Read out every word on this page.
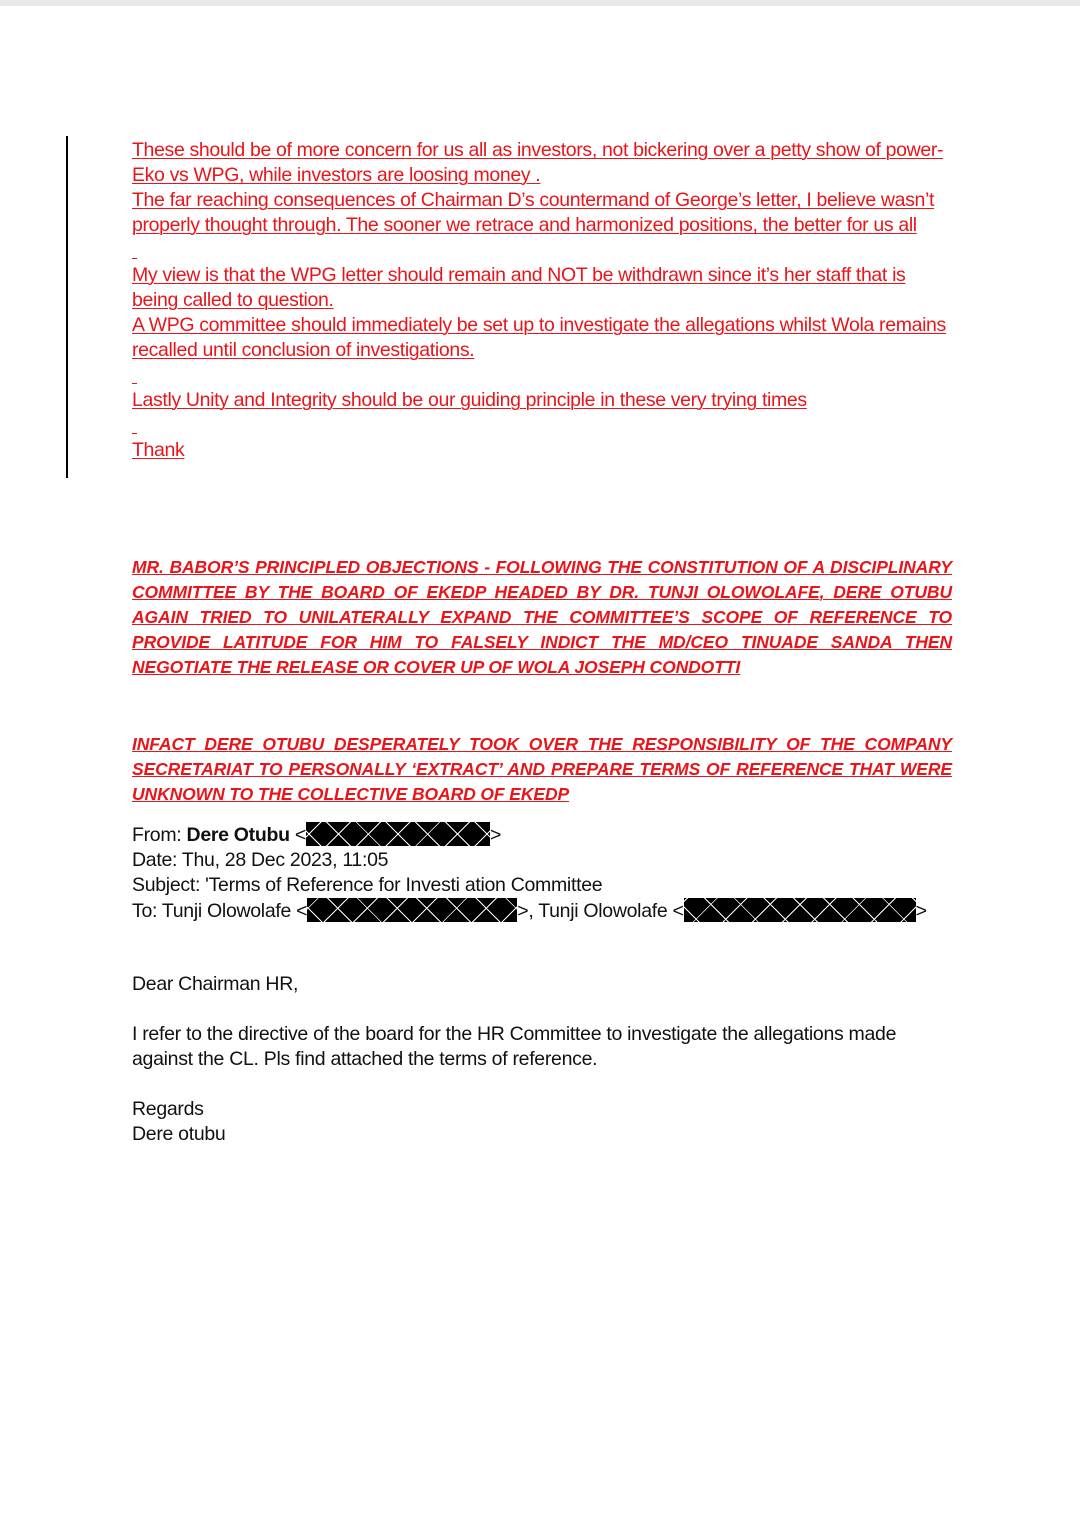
These should be of more concern for us all as investors, not bickering over a petty show of power-Eko vs WPG, while investors are loosing money .

The far reaching consequences of Chairman D’s countermand of George’s letter, I believe wasn’t properly thought through. The sooner we retrace and harmonized positions, the better for us all

My view is that the WPG letter should remain and NOT be withdrawn since it’s her staff that is being called to question.

A WPG committee should immediately be set up to investigate the allegations whilst Wola remains recalled until conclusion of investigations.

Lastly Unity and Integrity should be our guiding principle in these very trying times

Thank

MR. BABOR’S PRINCIPLED OBJECTIONS - FOLLOWING THE CONSTITUTION OF A DISCIPLINARY COMMITTEE BY THE BOARD OF EKEDP HEADED BY DR. TUNJI OLOWOLAFE, DERE OTUBU AGAIN TRIED TO UNILATERALLY EXPAND THE COMMITTEE’S SCOPE OF REFERENCE TO PROVIDE LATITUDE FOR HIM TO FALSELY INDICT THE MD/CEO TINUADE SANDA THEN NEGOTIATE THE RELEASE OR COVER UP OF WOLA JOSEPH CONDOTTI

INFACT DERE OTUBU DESPERATELY TOOK OVER THE RESPONSIBILITY OF THE COMPANY SECRETARIAT TO PERSONALLY ‘EXTRACT’ AND PREPARE TERMS OF REFERENCE THAT WERE UNKNOWN TO THE COLLECTIVE BOARD OF EKEDP

From: Dere Otubu <	>

Date: Thu, 28 Dec 2023, 11:05

Subject: 'Terms of Reference for Investi ation Committee

To: Tunji Olowolafe <	>, Tunji Olowolafe <	>

Dear Chairman HR,

I refer to the directive of the board for the HR Committee to investigate the allegations made against the CL. Pls find attached the terms of reference.

Regards

Dere otubu
